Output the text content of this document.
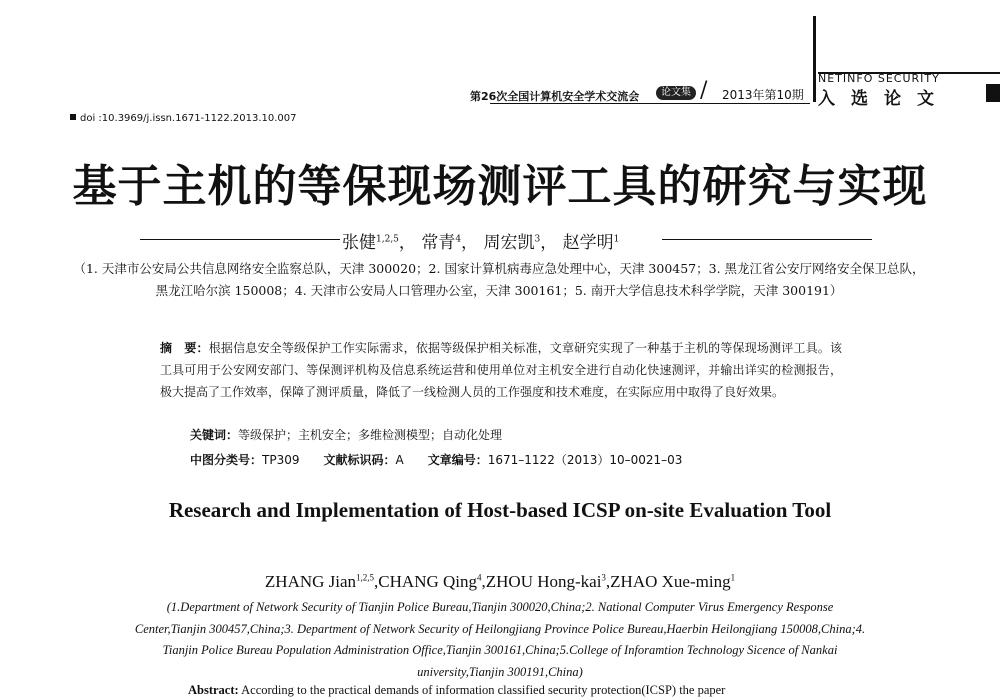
NETINFO SECURITY
入选论文
第26次全国计算机安全学术交流会	论文集 / 2013年第10期
doi :10.3969/j.issn.1671-1122.2013.10.007
基于主机的等保现场测评工具的研究与实现
张健$^{1,2,5}$， 常青$^4$， 周宏凯$^3$， 赵学明$^1$
（1. 天津市公安局公共信息网络安全监察总队，天津 300020；2. 国家计算机病毒应急处理中心，天津 300457；3. 黑龙江省公安厅网络安全保卫总队，黑龙江哈尔滨 150008；4. 天津市公安局人口管理办公室，天津 300161；5. 南开大学信息技术科学学院，天津 300191）
摘　要：根据信息安全等级保护工作实际需求，依据等级保护相关标准，文章研究实现了一种基于主机的等保现场测评工具。该工具可用于公安网安部门、等保测评机构及信息系统运营和使用单位对主机安全进行自动化快速测评，并输出详实的检测报告，极大提高了工作效率，保障了测评质量，降低了一线检测人员的工作强度和技术难度，在实际应用中取得了良好效果。
关键词：等级保护；主机安全；多维检测模型；自动化处理
中图分类号：TP309 文献标识码：A 文章编号：1671–1122（2013）10–0021–03
Research and Implementation of Host-based ICSP on-site Evaluation Tool
ZHANG Jian$^{1,2,5}$,CHANG Qing$^4$,ZHOU Hong-kai$^3$,ZHAO Xue-ming$^1$
(1.Department of Network Security of Tianjin Police Bureau,Tianjin 300020,China;2. National Computer Virus Emergency Response Center,Tianjin 300457,China;3. Department of Network Security of Heilongjiang Province Police Bureau,Haerbin Heilongjiang 150008,China;4. Tianjin Police Bureau Population Administration Office,Tianjin 300161,China;5.College of Inforamtion Technology Sicence of Nankai university,Tianjin 300191,China)
Abstract: According to the practical demands of information classified security protection(ICSP) the paper
